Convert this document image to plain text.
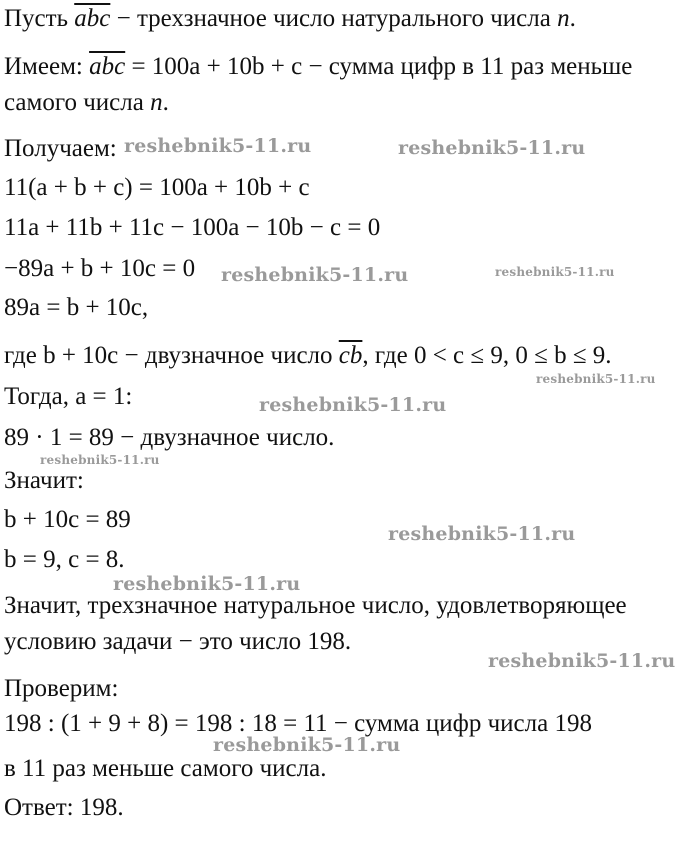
Пусть $\overline{abc}$ − трехзначное число натурального числа n.
Имеем: $\overline{abc} = 100a + 10b + c$ − сумма цифр в 11 раз меньше
самого числа n.
Получаем:
11(a + b + c) = 100a + 10b + c
11a + 11b + 11c − 100a − 10b − c = 0
−89a + b + 10c = 0
89a = b + 10c,
где b + 10c − двузначное число $\overline{cb}$, где 0 < c ≤ 9, 0 ≤ b ≤ 9.
Тогда, a = 1:
89 · 1 = 89 − двузначное число.
Значит:
b + 10c = 89
b = 9, c = 8.
Значит, трехзначное натуральное число, удовлетворяющее
условию задачи − это число 198.
Проверим:
198 : (1 + 9 + 8) = 198 : 18 = 11 − сумма цифр числа 198
в 11 раз меньше самого числа.
Ответ: 198.
reshebnik5-11.ru	reshebnik5-11.ru
reshebnik5-11.ru	reshebnik5-11.ru
reshebnik5-11.ru
reshebnik5-11.ru
reshebnik5-11.ru
reshebnik5-11.ru
reshebnik5-11.ru
reshebnik5-11.ru
reshebnik5-11.ru
